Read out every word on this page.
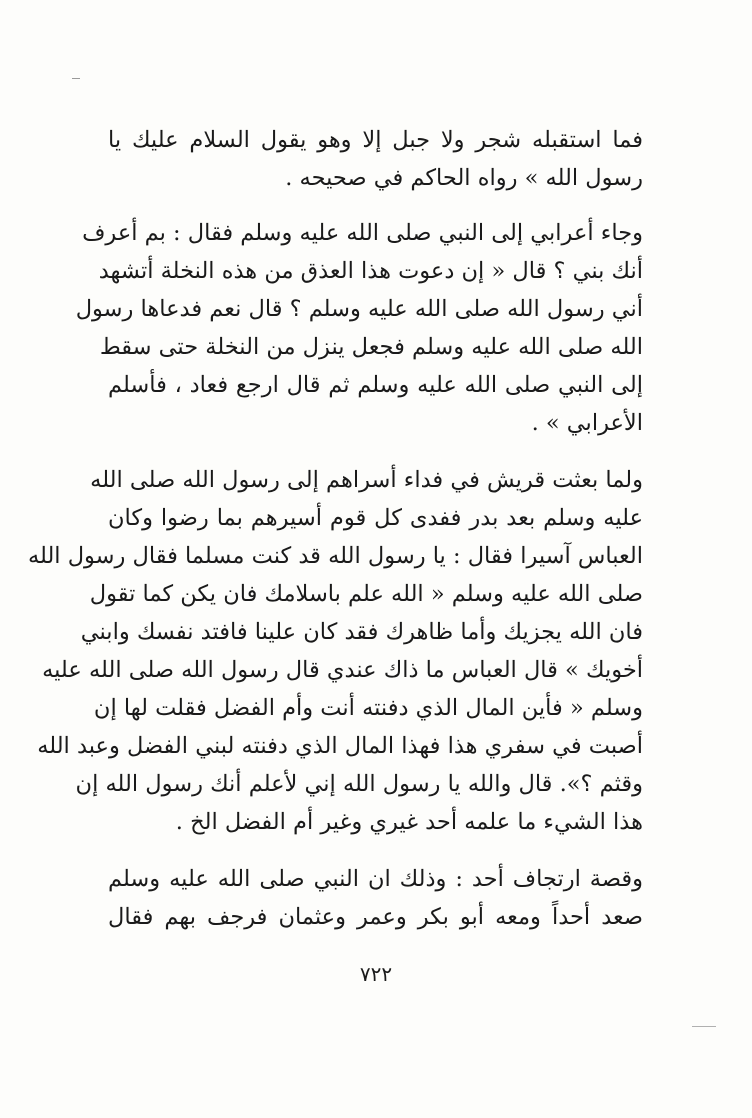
فما استقبله شجر ولا جبل إلا وهو يقول السلام عليك يا
رسول الله » رواه الحاكم في صحيحه .
وجاء أعرابي إلى النبي صلى الله عليه وسلم فقال : بم أعرف
أنك بني ؟ قال « إن دعوت هذا العذق من هذه النخلة أتشهد
أني رسول الله صلى الله عليه وسلم ؟ قال نعم فدعاها رسول
الله صلى الله عليه وسلم فجعل ينزل من النخلة حتى سقط
إلى النبي صلى الله عليه وسلم ثم قال ارجع فعاد ، فأسلم
الأعرابي » .
ولما بعثت قريش في فداء أسراهم إلى رسول الله صلى الله
عليه وسلم بعد بدر ففدى كل قوم أسيرهم بما رضوا وكان
العباس آسيرا فقال : يا رسول الله قد كنت مسلما فقال رسول الله
صلى الله عليه وسلم « الله علم باسلامك فان يكن كما تقول
فان الله يجزيك وأما ظاهرك فقد كان علينا فافتد نفسك وابني
أخويك » قال العباس ما ذاك عندي قال رسول الله صلى الله عليه
وسلم « فأين المال الذي دفنته أنت وأم الفضل فقلت لها إن
أصبت في سفري هذا فهذا المال الذي دفنته لبني الفضل وعبد الله
وقثم ؟». قال والله يا رسول الله إني لأعلم أنك رسول الله إن
هذا الشيء ما علمه أحد غيري وغير أم الفضل الخ .
وقصة ارتجاف أحد : وذلك ان النبي صلى الله عليه وسلم
صعد أحداً ومعه أبو بكر وعمر وعثمان فرجف بهم فقال
٧٢٢
